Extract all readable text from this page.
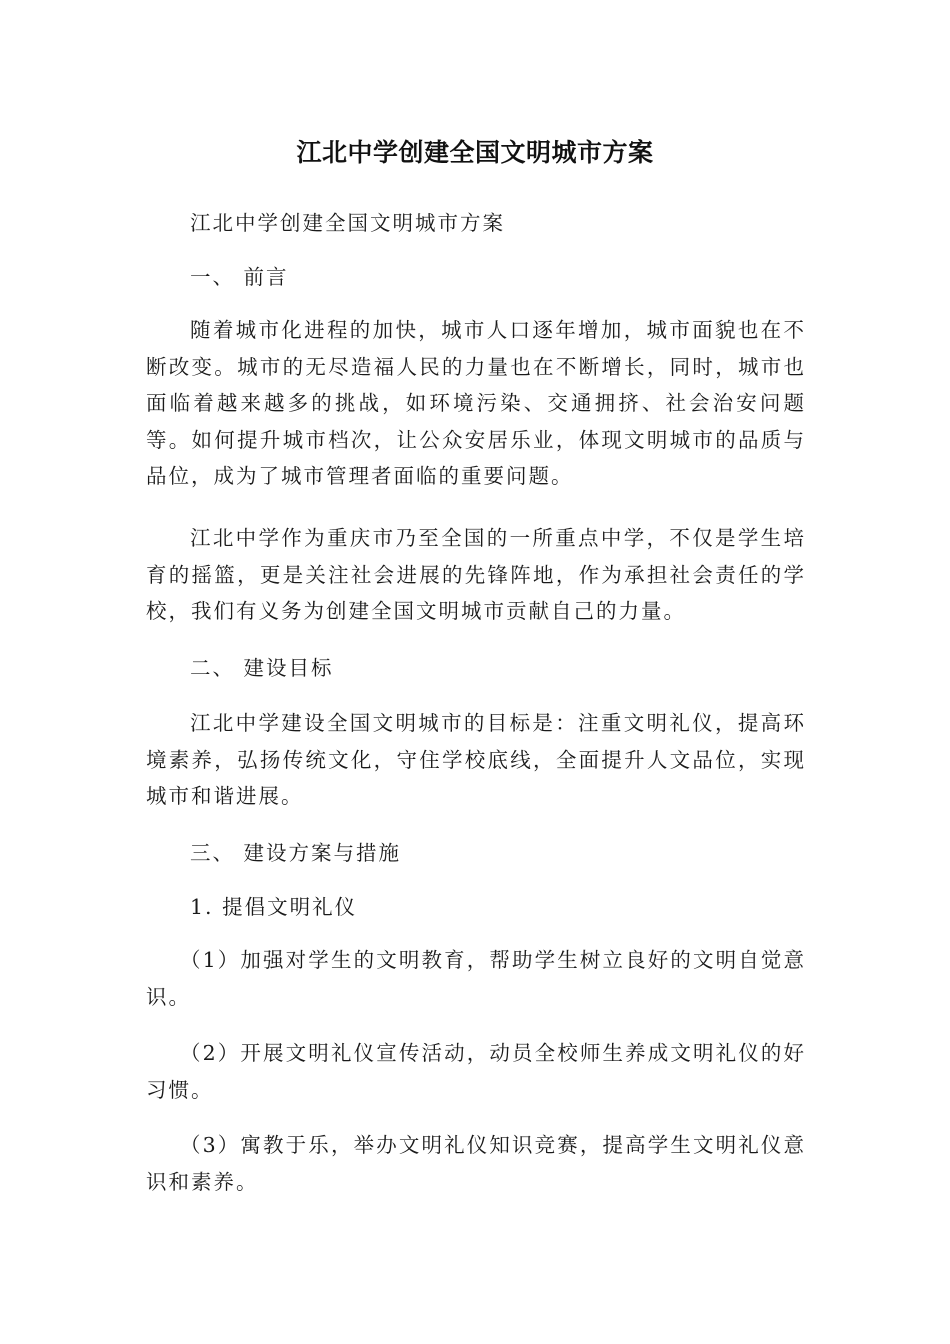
江北中学创建全国文明城市方案

江北中学创建全国文明城市方案

一、 前言

随着城市化进程的加快，城市人口逐年增加，城市面貌也在不断改变。城市的无尽造福人民的力量也在不断增长，同时，城市也面临着越来越多的挑战，如环境污染、交通拥挤、社会治安问题等。如何提升城市档次，让公众安居乐业，体现文明城市的品质与品位，成为了城市管理者面临的重要问题。

江北中学作为重庆市乃至全国的一所重点中学，不仅是学生培育的摇篮，更是关注社会进展的先锋阵地，作为承担社会责任的学校，我们有义务为创建全国文明城市贡献自己的力量。

二、 建设目标

江北中学建设全国文明城市的目标是：注重文明礼仪，提高环境素养，弘扬传统文化，守住学校底线，全面提升人文品位，实现城市和谐进展。

三、 建设方案与措施

1. 提倡文明礼仪

（1）加强对学生的文明教育，帮助学生树立良好的文明自觉意识。

（2）开展文明礼仪宣传活动，动员全校师生养成文明礼仪的好习惯。

（3）寓教于乐，举办文明礼仪知识竞赛，提高学生文明礼仪意识和素养。
